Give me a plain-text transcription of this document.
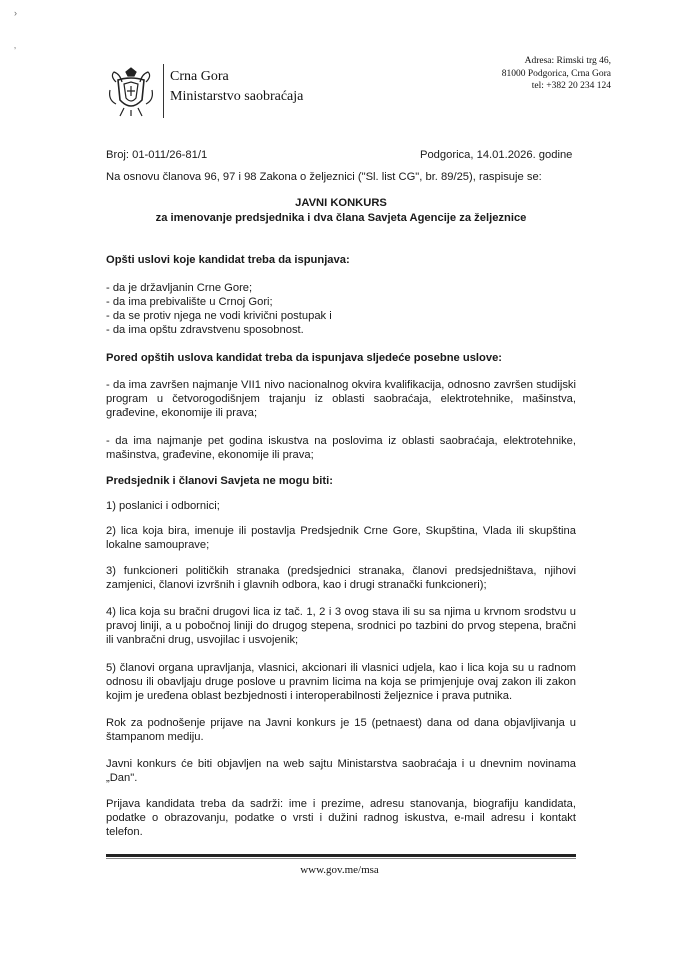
›
‚
Crna Gora
Ministarstvo saobraćaja
Adresa: Rimski trg 46,
81000 Podgorica, Crna Gora
tel: +382 20 234 124

Broj: 01-011/26-81/1	Podgorica, 14.01.2026. godine

Na osnovu članova 96, 97 i 98 Zakona o željeznici ("Sl. list CG", br. 89/25), raspisuje se:

JAVNI KONKURS

za imenovanje predsjednika i dva člana Savjeta Agencije za željeznice

Opšti uslovi koje kandidat treba da ispunjava:

- da je državljanin Crne Gore;

- da ima prebivalište u Crnoj Gori;

- da se protiv njega ne vodi krivični postupak i

- da ima opštu zdravstvenu sposobnost.

Pored opštih uslova kandidat treba da ispunjava sljedeće posebne uslove:

- da ima završen najmanje VII1 nivo nacionalnog okvira kvalifikacija, odnosno završen studijski program u četvorogodišnjem trajanju iz oblasti saobraćaja, elektrotehnike, mašinstva, građevine, ekonomije ili prava;

- da ima najmanje pet godina iskustva na poslovima iz oblasti saobraćaja, elektrotehnike, mašinstva, građevine, ekonomije ili prava;

Predsjednik i članovi Savjeta ne mogu biti:

1) poslanici i odbornici;

2) lica koja bira, imenuje ili postavlja Predsjednik Crne Gore, Skupština, Vlada ili skupština lokalne samouprave;

3) funkcioneri političkih stranaka (predsjednici stranaka, članovi predsjedništava, njihovi zamjenici, članovi izvršnih i glavnih odbora, kao i drugi stranački funkcioneri);

4) lica koja su bračni drugovi lica iz tač. 1, 2 i 3 ovog stava ili su sa njima u krvnom srodstvu u pravoj liniji, a u pobočnoj liniji do drugog stepena, srodnici po tazbini do prvog stepena, bračni ili vanbračni drug, usvojilac i usvojenik;

5) članovi organa upravljanja, vlasnici, akcionari ili vlasnici udjela, kao i lica koja su u radnom odnosu ili obavljaju druge poslove u pravnim licima na koja se primjenjuje ovaj zakon ili zakon kojim je uređena oblast bezbjednosti i interoperabilnosti željeznice i prava putnika.

Rok za podnošenje prijave na Javni konkurs je 15 (petnaest) dana od dana objavljivanja u štampanom mediju.

Javni konkurs će biti objavljen na web sajtu Ministarstva saobraćaja i u dnevnim novinama „Dan".

Prijava kandidata treba da sadrži: ime i prezime, adresu stanovanja, biografiju kandidata, podatke o obrazovanju, podatke o vrsti i dužini radnog iskustva, e-mail adresu i kontakt telefon.

www.gov.me/msa
